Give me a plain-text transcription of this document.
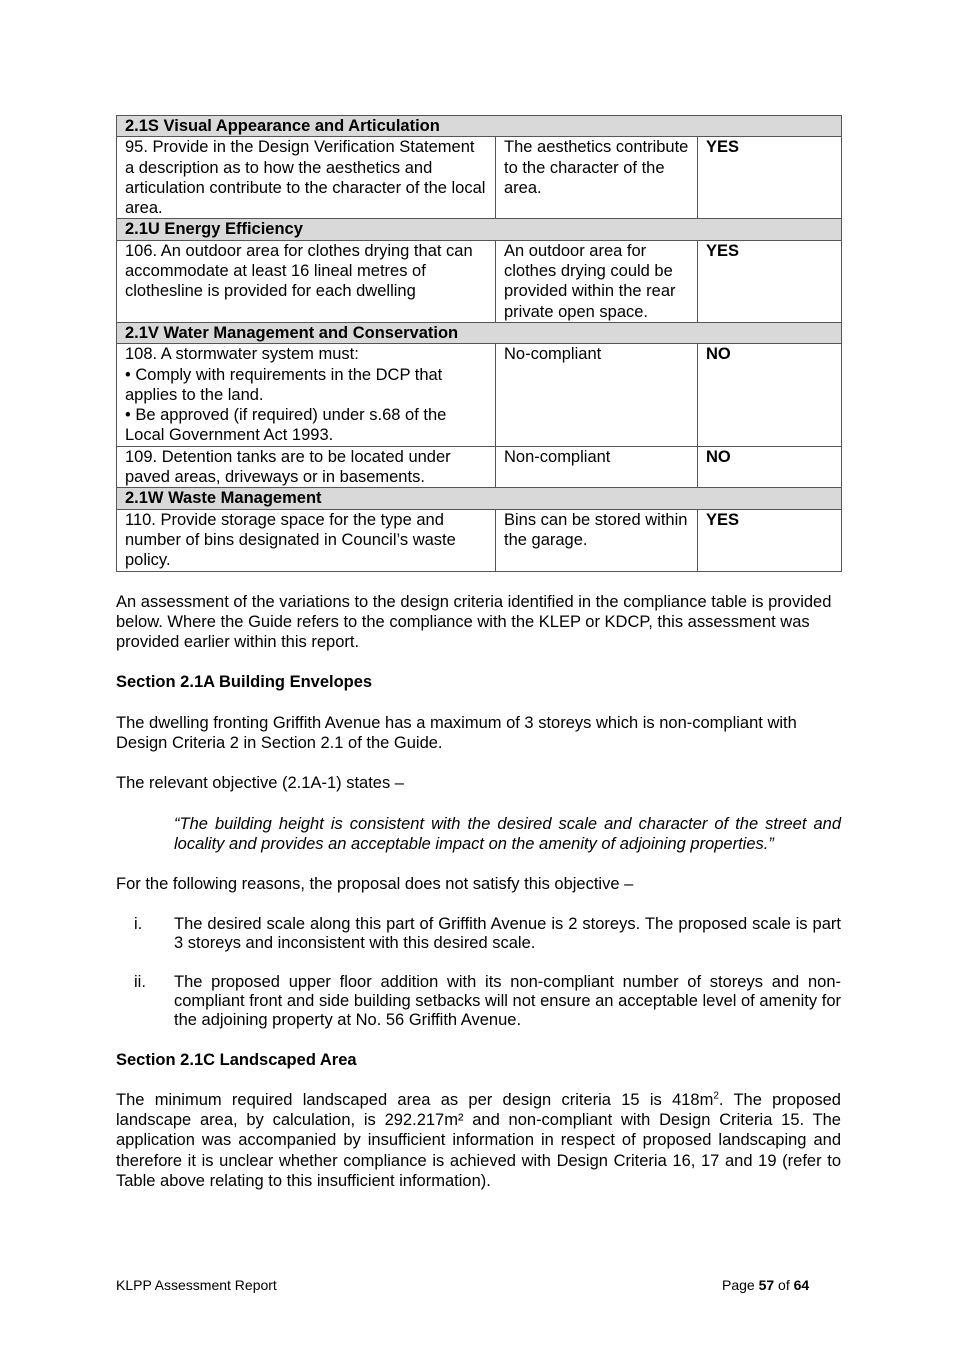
2.1S Visual Appearance and Articulation		
95. Provide in the Design Verification Statement a description as to how the aesthetics and articulation contribute to the character of the local area.	The aesthetics contribute to the character of the area.	YES
2.1U Energy Efficiency		
106. An outdoor area for clothes drying that can accommodate at least 16 lineal metres of clothesline is provided for each dwelling	An outdoor area for clothes drying could be provided within the rear private open space.	YES
2.1V Water Management and Conservation		

108. A stormwater system must:

• Comply with requirements in the DCP that applies to the land.

• Be approved (if required) under s.68 of the Local Government Act 1993.	No-compliant	NO
109. Detention tanks are to be located under paved areas, driveways or in basements.	Non-compliant	NO
2.1W Waste Management		
110. Provide storage space for the type and number of bins designated in Council’s waste policy.	Bins can be stored within the garage.	YES

An assessment of the variations to the design criteria identified in the compliance table is provided below. Where the Guide refers to the compliance with the KLEP or KDCP, this assessment was provided earlier within this report.

Section 2.1A Building Envelopes

The dwelling fronting Griffith Avenue has a maximum of 3 storeys which is non-compliant with Design Criteria 2 in Section 2.1 of the Guide.

The relevant objective (2.1A-1) states –

“The building height is consistent with the desired scale and character of the street and locality and provides an acceptable impact on the amenity of adjoining properties.”

For the following reasons, the proposal does not satisfy this objective –

i.	The desired scale along this part of Griffith Avenue is 2 storeys. The proposed scale is part 3 storeys and inconsistent with this desired scale.
ii.	The proposed upper floor addition with its non-compliant number of storeys and non-compliant front and side building setbacks will not ensure an acceptable level of amenity for the adjoining property at No. 56 Griffith Avenue.

Section 2.1C Landscaped Area

The minimum required landscaped area as per design criteria 15 is $418m^2$. The proposed landscape area, by calculation, is 292.217m² and non-compliant with Design Criteria 15. The application was accompanied by insufficient information in respect of proposed landscaping and therefore it is unclear whether compliance is achieved with Design Criteria 16, 17 and 19 (refer to Table above relating to this insufficient information).

KLPP Assessment Report	Page 57 of 64
